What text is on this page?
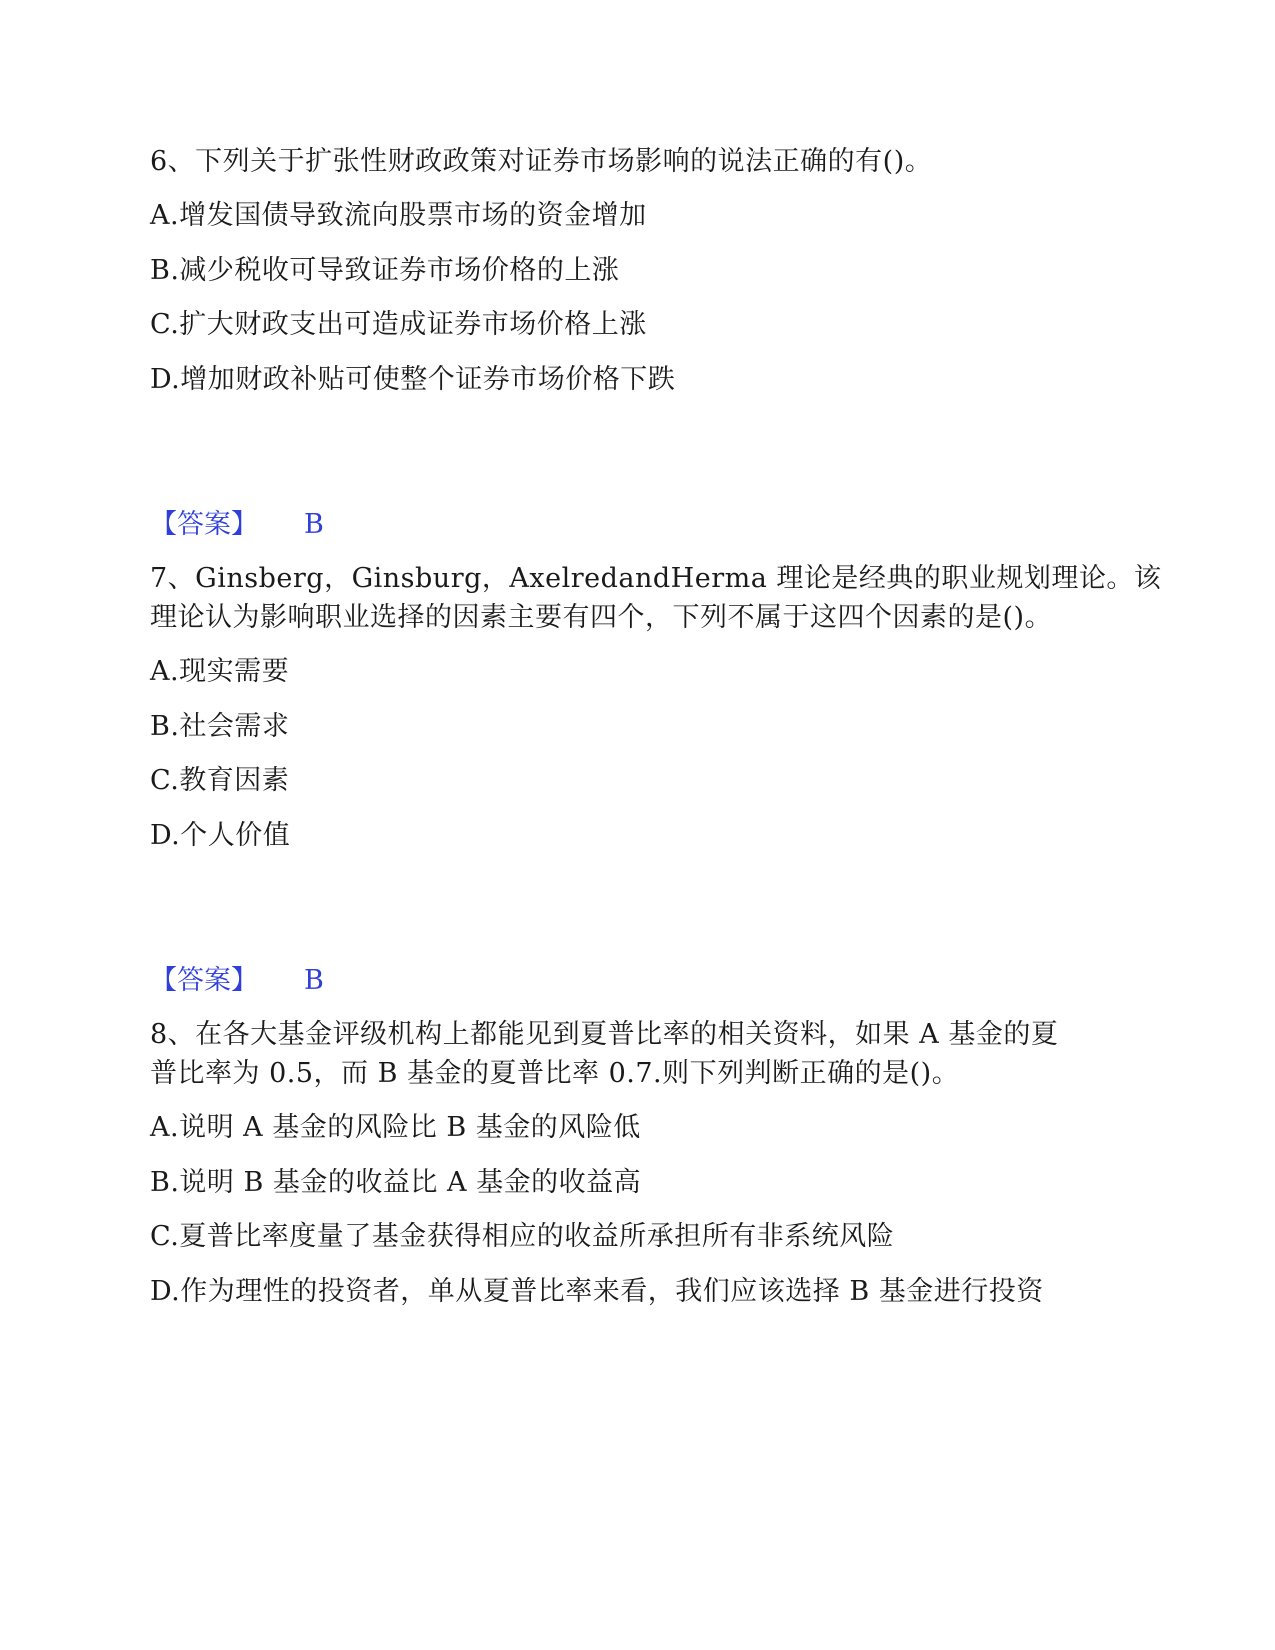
6、下列关于扩张性财政政策对证券市场影响的说法正确的有()。
A.增发国债导致流向股票市场的资金增加
B.减少税收可导致证券市场价格的上涨
C.扩大财政支出可造成证券市场价格上涨
D.增加财政补贴可使整个证券市场价格下跌
【答案】 B
7、Ginsberg，Ginsburg，AxelredandHerma 理论是经典的职业规划理论。该
理论认为影响职业选择的因素主要有四个，下列不属于这四个因素的是()。
A.现实需要
B.社会需求
C.教育因素
D.个人价值
【答案】 B
8、在各大基金评级机构上都能见到夏普比率的相关资料，如果 A 基金的夏
普比率为 0.5，而 B 基金的夏普比率 0.7.则下列判断正确的是()。
A.说明 A 基金的风险比 B 基金的风险低
B.说明 B 基金的收益比 A 基金的收益高
C.夏普比率度量了基金获得相应的收益所承担所有非系统风险
D.作为理性的投资者，单从夏普比率来看，我们应该选择 B 基金进行投资
